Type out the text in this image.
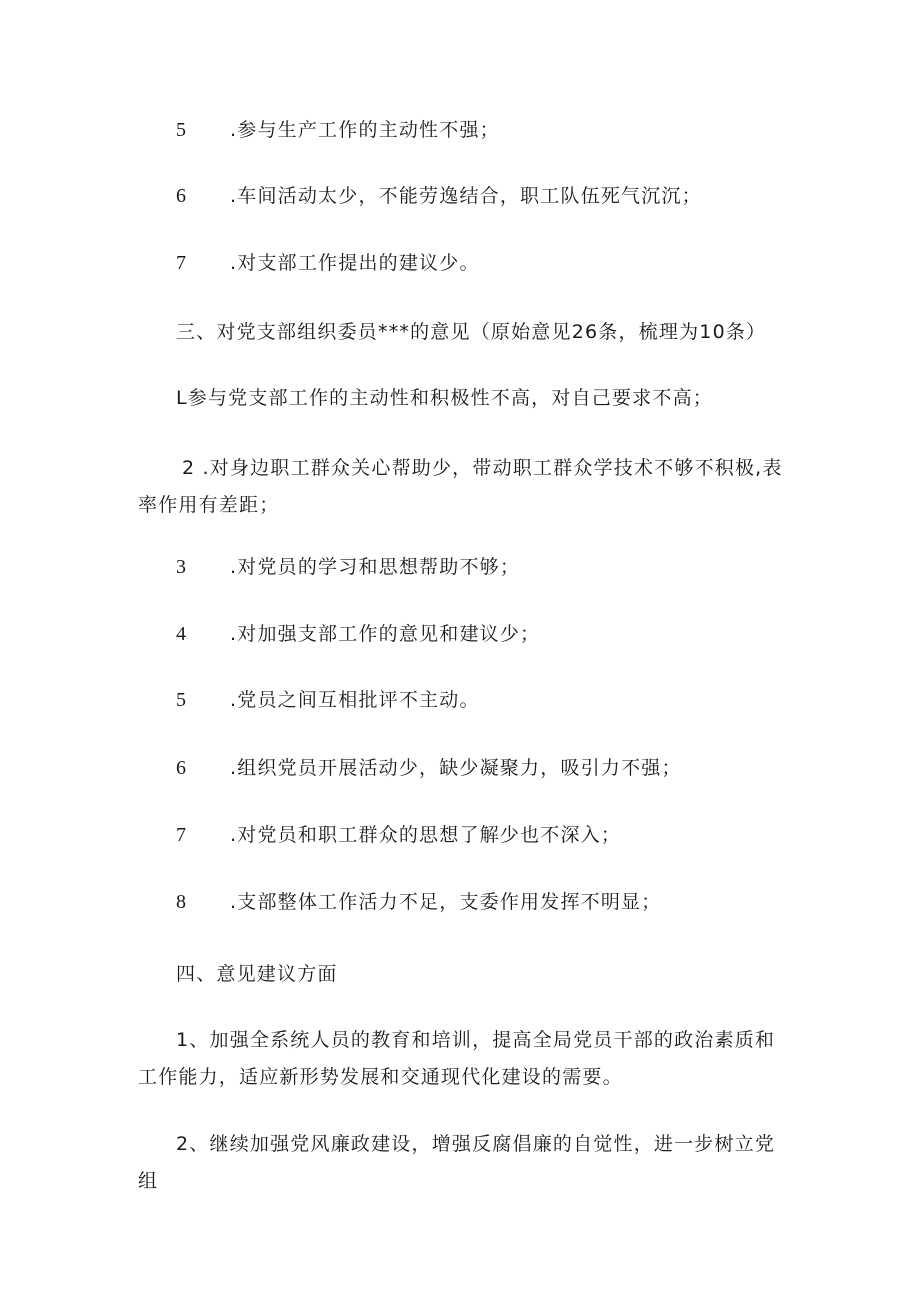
5 .参与生产工作的主动性不强；
6 .车间活动太少，不能劳逸结合，职工队伍死气沉沉；
7 .对支部工作提出的建议少。
三、对党支部组织委员***的意见（原始意见26条，梳理为10条）
L参与党支部工作的主动性和积极性不高，对自己要求不高；
2 .对身边职工群众关心帮助少，带动职工群众学技术不够不积极,表率作用有差距；
3 .对党员的学习和思想帮助不够；
4 .对加强支部工作的意见和建议少；
5 .党员之间互相批评不主动。
6 .组织党员开展活动少，缺少凝聚力，吸引力不强；
7 .对党员和职工群众的思想了解少也不深入；
8 .支部整体工作活力不足，支委作用发挥不明显；
四、意见建议方面
1、加强全系统人员的教育和培训，提高全局党员干部的政治素质和工作能力，适应新形势发展和交通现代化建设的需要。
2、继续加强党风廉政建设，增强反腐倡廉的自觉性，进一步树立党组
